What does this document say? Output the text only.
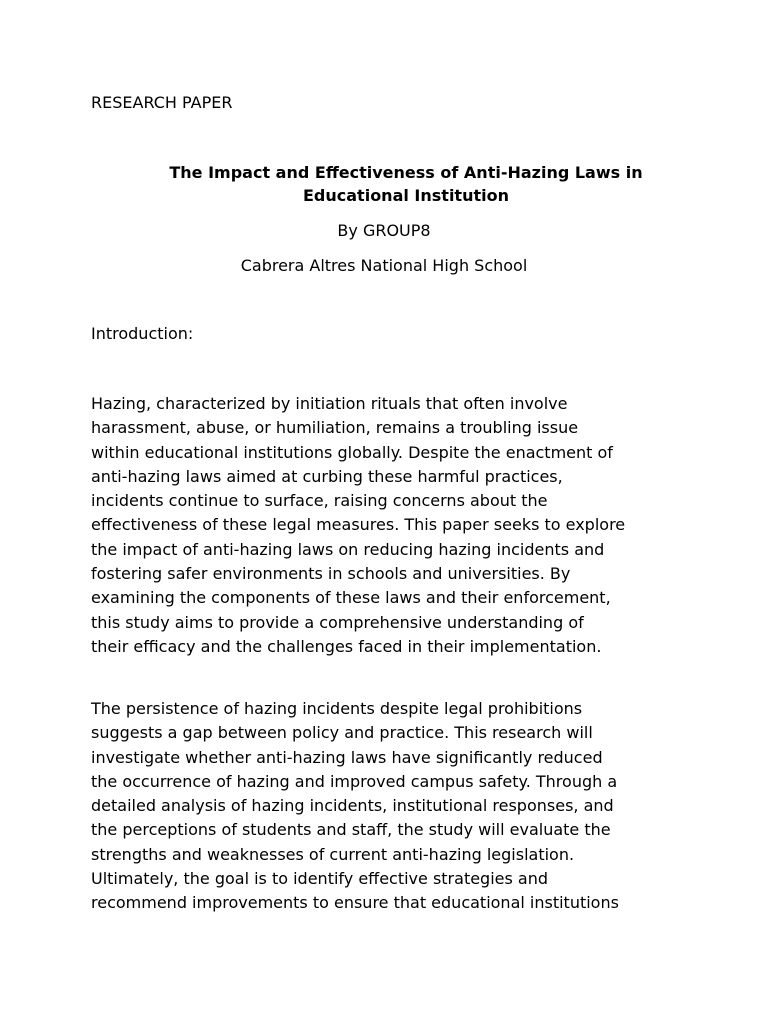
RESEARCH PAPER

The Impact and Effectiveness of Anti-Hazing Laws in
Educational Institution

By GROUP8

Cabrera Altres National High School

Introduction:

Hazing, characterized by initiation rituals that often involve
harassment, abuse, or humiliation, remains a troubling issue
within educational institutions globally. Despite the enactment of
anti-hazing laws aimed at curbing these harmful practices,
incidents continue to surface, raising concerns about the
effectiveness of these legal measures. This paper seeks to explore
the impact of anti-hazing laws on reducing hazing incidents and
fostering safer environments in schools and universities. By
examining the components of these laws and their enforcement,
this study aims to provide a comprehensive understanding of
their efficacy and the challenges faced in their implementation.

The persistence of hazing incidents despite legal prohibitions
suggests a gap between policy and practice. This research will
investigate whether anti-hazing laws have significantly reduced
the occurrence of hazing and improved campus safety. Through a
detailed analysis of hazing incidents, institutional responses, and
the perceptions of students and staff, the study will evaluate the
strengths and weaknesses of current anti-hazing legislation.
Ultimately, the goal is to identify effective strategies and
recommend improvements to ensure that educational institutions
